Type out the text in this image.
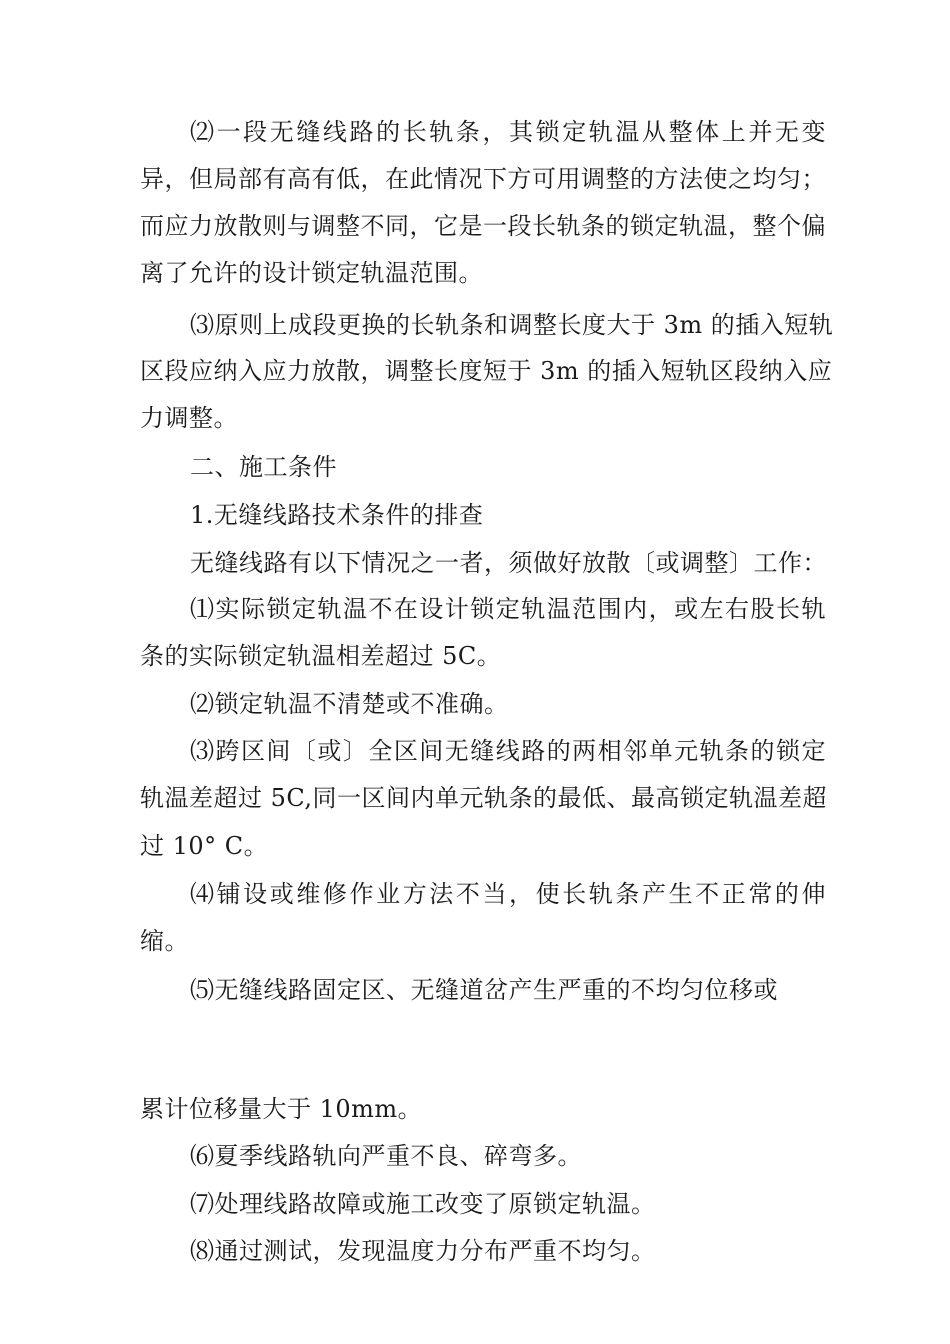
⑵一段无缝线路的长轨条，其锁定轨温从整体上并无变
异，但局部有高有低，在此情况下方可用调整的方法使之均匀；
而应力放散则与调整不同，它是一段长轨条的锁定轨温，整个偏
离了允许的设计锁定轨温范围。
⑶原则上成段更换的长轨条和调整长度大于 3m 的插入短轨
区段应纳入应力放散，调整长度短于 3m 的插入短轨区段纳入应
力调整。
二、施工条件
1.无缝线路技术条件的排查
无缝线路有以下情况之一者，须做好放散〔或调整〕工作：
⑴实际锁定轨温不在设计锁定轨温范围内，或左右股长轨
条的实际锁定轨温相差超过 5C。
⑵锁定轨温不清楚或不准确。
⑶跨区间〔或〕全区间无缝线路的两相邻单元轨条的锁定
轨温差超过 5C,同一区间内单元轨条的最低、最高锁定轨温差超
过 10° C。
⑷铺设或维修作业方法不当，使长轨条产生不正常的伸
缩。
⑸无缝线路固定区、无缝道岔产生严重的不均匀位移或
累计位移量大于 10mm。
⑹夏季线路轨向严重不良、碎弯多。
⑺处理线路故障或施工改变了原锁定轨温。
⑻通过测试，发现温度力分布严重不均匀。
